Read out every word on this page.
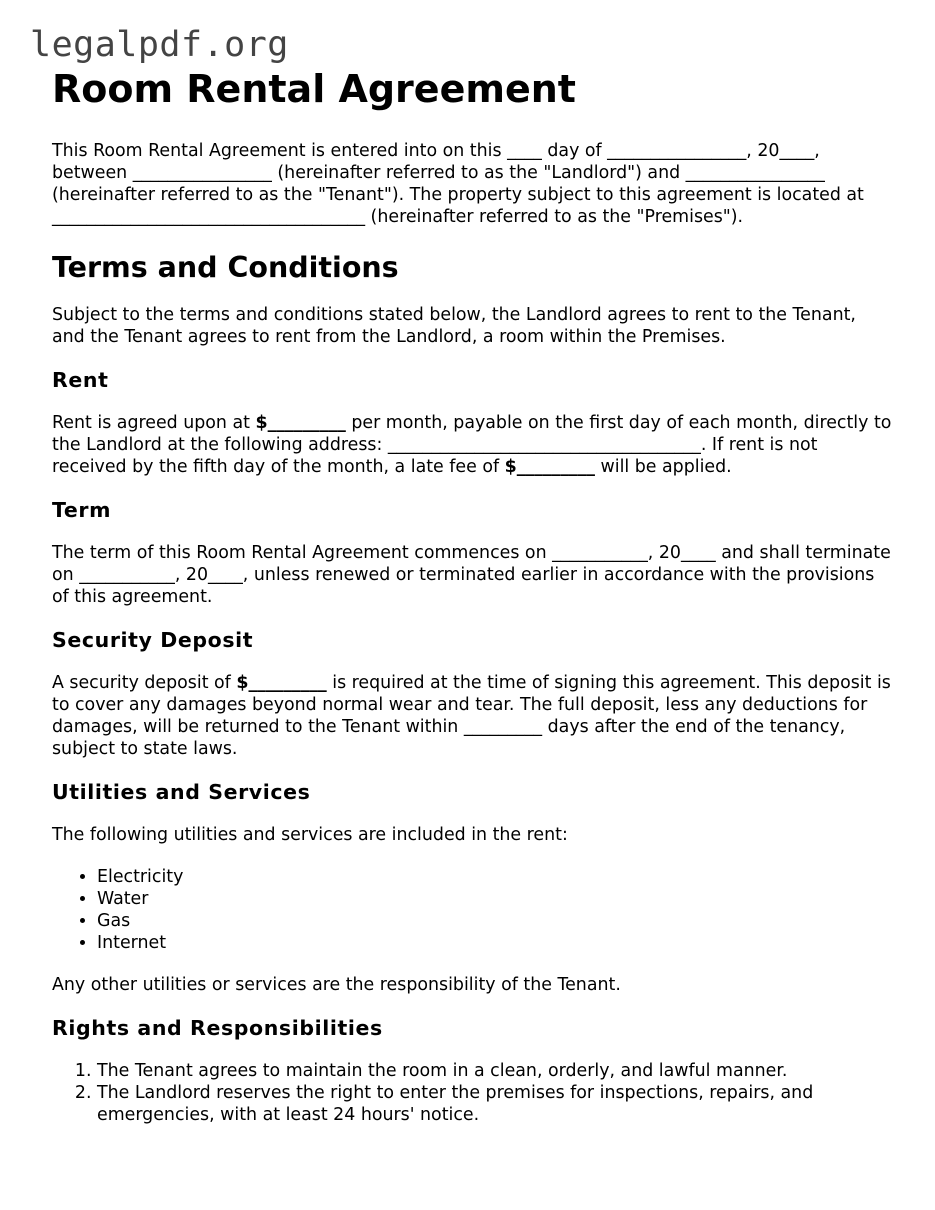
legalpdf.org
Room Rental Agreement

This Room Rental Agreement is entered into on this ____ day of ________________, 20____, between ________________ (hereinafter referred to as the "Landlord") and ________________ (hereinafter referred to as the "Tenant"). The property subject to this agreement is located at ____________________________________ (hereinafter referred to as the "Premises").

Terms and Conditions

Subject to the terms and conditions stated below, the Landlord agrees to rent to the Tenant, and the Tenant agrees to rent from the Landlord, a room within the Premises.

Rent

Rent is agreed upon at $_________ per month, payable on the first day of each month, directly to the Landlord at the following address: ____________________________________. If rent is not received by the fifth day of the month, a late fee of $_________ will be applied.

Term

The term of this Room Rental Agreement commences on ___________, 20____ and shall terminate on ___________, 20____, unless renewed or terminated earlier in accordance with the provisions of this agreement.

Security Deposit

A security deposit of $_________ is required at the time of signing this agreement. This deposit is to cover any damages beyond normal wear and tear. The full deposit, less any deductions for damages, will be returned to the Tenant within _________ days after the end of the tenancy, subject to state laws.

Utilities and Services

The following utilities and services are included in the rent:

• Electricity
• Water
• Gas
• Internet

Any other utilities or services are the responsibility of the Tenant.

Rights and Responsibilities
1. The Tenant agrees to maintain the room in a clean, orderly, and lawful manner.
2. The Landlord reserves the right to enter the premises for inspections, repairs, and emergencies, with at least 24 hours' notice.
